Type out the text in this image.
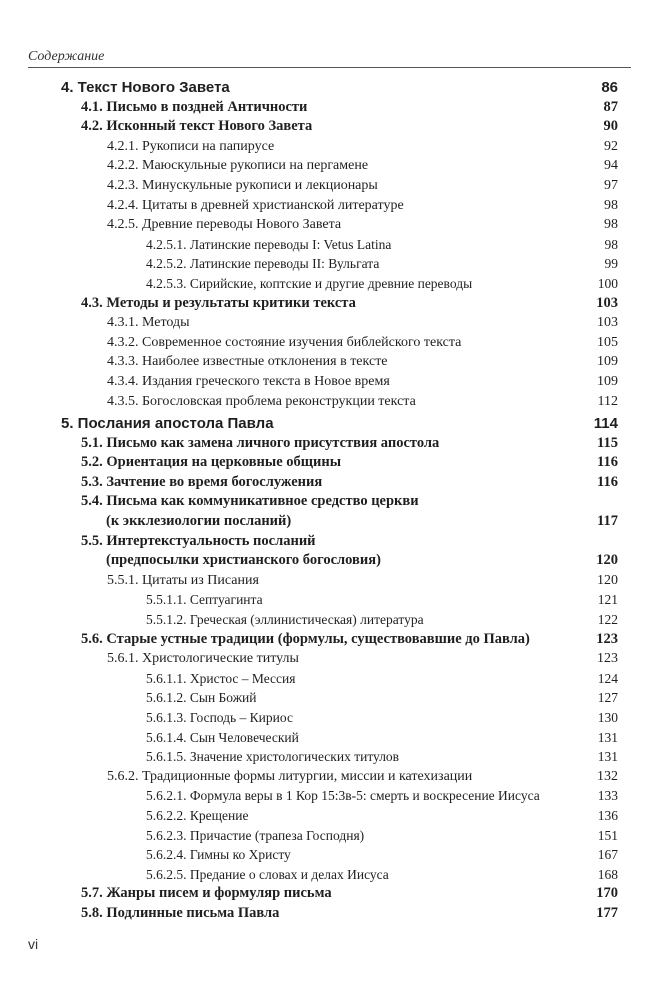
Содержание
4. Текст Нового Завета	86
4.1. Письмо в поздней Античности	87
4.2. Исконный текст Нового Завета	90
4.2.1. Рукописи на папирусе	92
4.2.2. Маюскульные рукописи на пергамене	94
4.2.3. Минускульные рукописи и лекционары	97
4.2.4. Цитаты в древней христианской литературе	98
4.2.5. Древние переводы Нового Завета	98
4.2.5.1. Латинские переводы I: Vetus Latina	98
4.2.5.2. Латинские переводы II: Вульгата	99
4.2.5.3. Сирийские, коптские и другие древние переводы	100
4.3. Методы и результаты критики текста	103
4.3.1. Методы	103
4.3.2. Современное состояние изучения библейского текста	105
4.3.3. Наиболее известные отклонения в тексте	109
4.3.4. Издания греческого текста в Новое время	109
4.3.5. Богословская проблема реконструкции текста	112
5. Послания апостола Павла	114
5.1. Письмо как замена личного присутствия апостола	115
5.2. Ориентация на церковные общины	116
5.3. Зачтение во время богослужения	116
5.4. Письма как коммуникативное средство церкви
(к экклезиологии посланий)	117
5.5. Интертекстуальность посланий
(предпосылки христианского богословия)	120
5.5.1. Цитаты из Писания	120
5.5.1.1. Септуагинта	121
5.5.1.2. Греческая (эллинистическая) литература	122
5.6. Старые устные традиции (формулы, существовавшие до Павла)	123
5.6.1. Христологические титулы	123
5.6.1.1. Христос – Мессия	124
5.6.1.2. Сын Божий	127
5.6.1.3. Господь – Кириос	130
5.6.1.4. Сын Человеческий	131
5.6.1.5. Значение христологических титулов	131
5.6.2. Традиционные формы литургии, миссии и катехизации	132
5.6.2.1. Формула веры в 1 Кор 15:3в-5: смерть и воскресение Иисуса	133
5.6.2.2. Крещение	136
5.6.2.3. Причастие (трапеза Господня)	151
5.6.2.4. Гимны ко Христу	167
5.6.2.5. Предание о словах и делах Иисуса	168
5.7. Жанры писем и формуляр письма	170
5.8. Подлинные письма Павла	177
vi
